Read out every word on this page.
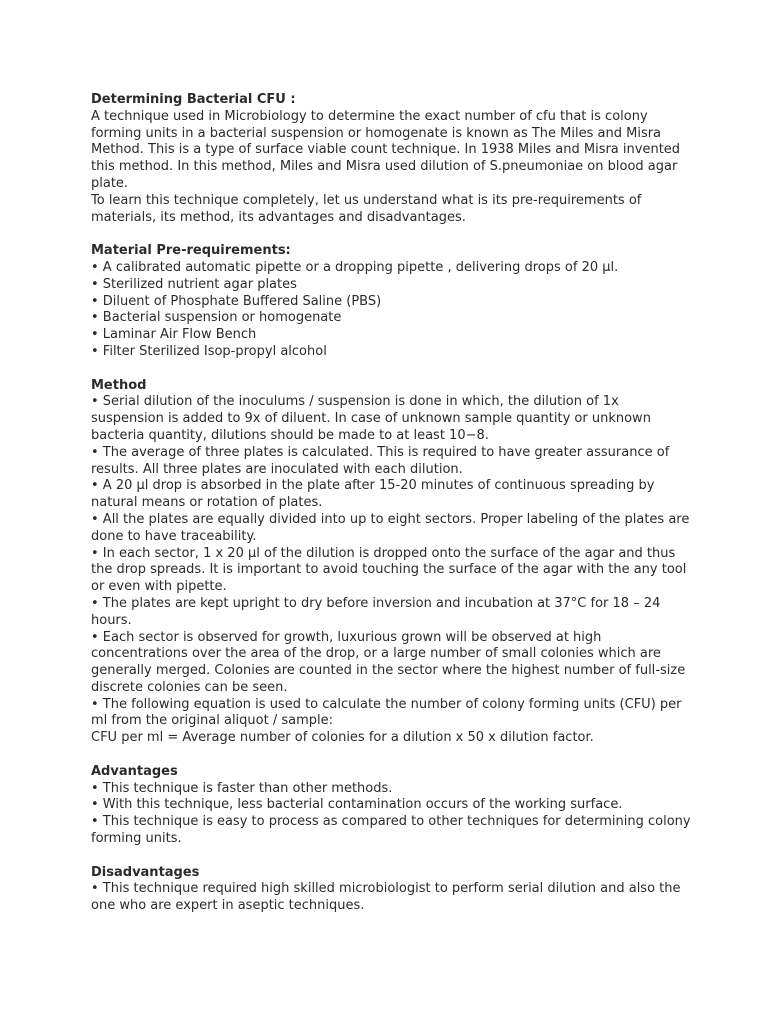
Determining Bacterial CFU :

A technique used in Microbiology to determine the exact number of cfu that is colony forming units in a bacterial suspension or homogenate is known as The Miles and Misra Method. This is a type of surface viable count technique. In 1938 Miles and Misra invented this method. In this method, Miles and Misra used dilution of S.pneumoniae on blood agar plate.

To learn this technique completely, let us understand what is its pre-requirements of materials, its method, its advantages and disadvantages.

Material Pre-requirements:

• A calibrated automatic pipette or a dropping pipette , delivering drops of 20 µl.

• Sterilized nutrient agar plates

• Diluent of Phosphate Buffered Saline (PBS)

• Bacterial suspension or homogenate

• Laminar Air Flow Bench

• Filter Sterilized Isop-propyl alcohol

Method

• Serial dilution of the inoculums / suspension is done in which, the dilution of 1x suspension is added to 9x of diluent. In case of unknown sample quantity or unknown bacteria quantity, dilutions should be made to at least 10−8.

• The average of three plates is calculated. This is required to have greater assurance of results. All three plates are inoculated with each dilution.

• A 20 µl drop is absorbed in the plate after 15-20 minutes of continuous spreading by natural means or rotation of plates.

• All the plates are equally divided into up to eight sectors. Proper labeling of the plates are done to have traceability.

• In each sector, 1 x 20 µl of the dilution is dropped onto the surface of the agar and thus the drop spreads. It is important to avoid touching the surface of the agar with the any tool or even with pipette.

• The plates are kept upright to dry before inversion and incubation at 37°C for 18 – 24 hours.

• Each sector is observed for growth, luxurious grown will be observed at high concentrations over the area of the drop, or a large number of small colonies which are generally merged. Colonies are counted in the sector where the highest number of full-size discrete colonies can be seen.

• The following equation is used to calculate the number of colony forming units (CFU) per ml from the original aliquot / sample:

CFU per ml = Average number of colonies for a dilution x 50 x dilution factor.

Advantages

• This technique is faster than other methods.

• With this technique, less bacterial contamination occurs of the working surface.

• This technique is easy to process as compared to other techniques for determining colony forming units.

Disadvantages

• This technique required high skilled microbiologist to perform serial dilution and also the one who are expert in aseptic techniques.
